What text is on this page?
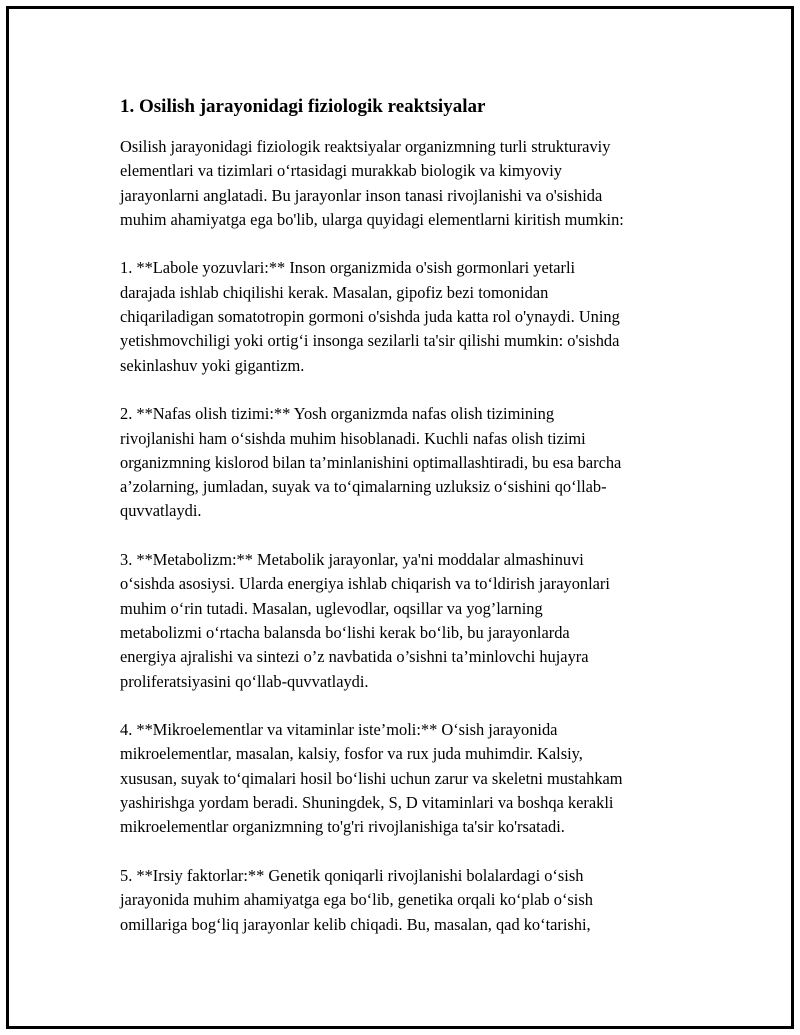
1. Osilish jarayonidagi fiziologik reaktsiyalar
Osilish jarayonidagi fiziologik reaktsiyalar organizmning turli strukturaviy
elementlari va tizimlari o‘rtasidagi murakkab biologik va kimyoviy
jarayonlarni anglatadi. Bu jarayonlar inson tanasi rivojlanishi va o'sishida
muhim ahamiyatga ega bo'lib, ularga quyidagi elementlarni kiritish mumkin:
1. **Labole yozuvlari:** Inson organizmida o'sish gormonlari yetarli
darajada ishlab chiqilishi kerak. Masalan, gipofiz bezi tomonidan
chiqariladigan somatotropin gormoni o'sishda juda katta rol o'ynaydi. Uning
yetishmovchiligi yoki ortig‘i insonga sezilarli ta'sir qilishi mumkin: o'sishda
sekinlashuv yoki gigantizm.
2. **Nafas olish tizimi:** Yosh organizmda nafas olish tizimining
rivojlanishi ham o‘sishda muhim hisoblanadi. Kuchli nafas olish tizimi
organizmning kislorod bilan ta’minlanishini optimallashtiradi, bu esa barcha
a’zolarning, jumladan, suyak va to‘qimalarning uzluksiz o‘sishini qo‘llab-
quvvatlaydi.
3. **Metabolizm:** Metabolik jarayonlar, ya'ni moddalar almashinuvi
o‘sishda asosiysi. Ularda energiya ishlab chiqarish va to‘ldirish jarayonlari
muhim o‘rin tutadi. Masalan, uglevodlar, oqsillar va yog’larning
metabolizmi o‘rtacha balansda bo‘lishi kerak bo‘lib, bu jarayonlarda
energiya ajralishi va sintezi o’z navbatida o’sishni ta’minlovchi hujayra
proliferatsiyasini qo‘llab-quvvatlaydi.
4. **Mikroelementlar va vitaminlar iste’moli:** O‘sish jarayonida
mikroelementlar, masalan, kalsiy, fosfor va rux juda muhimdir. Kalsiy,
xususan, suyak to‘qimalari hosil bo‘lishi uchun zarur va skeletni mustahkam
yashirishga yordam beradi. Shuningdek, S, D vitaminlari va boshqa kerakli
mikroelementlar organizmning to'g'ri rivojlanishiga ta'sir ko'rsatadi.
5. **Irsiy faktorlar:** Genetik qoniqarli rivojlanishi bolalardagi o‘sish
jarayonida muhim ahamiyatga ega bo‘lib, genetika orqali ko‘plab o‘sish
omillariga bog‘liq jarayonlar kelib chiqadi. Bu, masalan, qad ko‘tarishi,
